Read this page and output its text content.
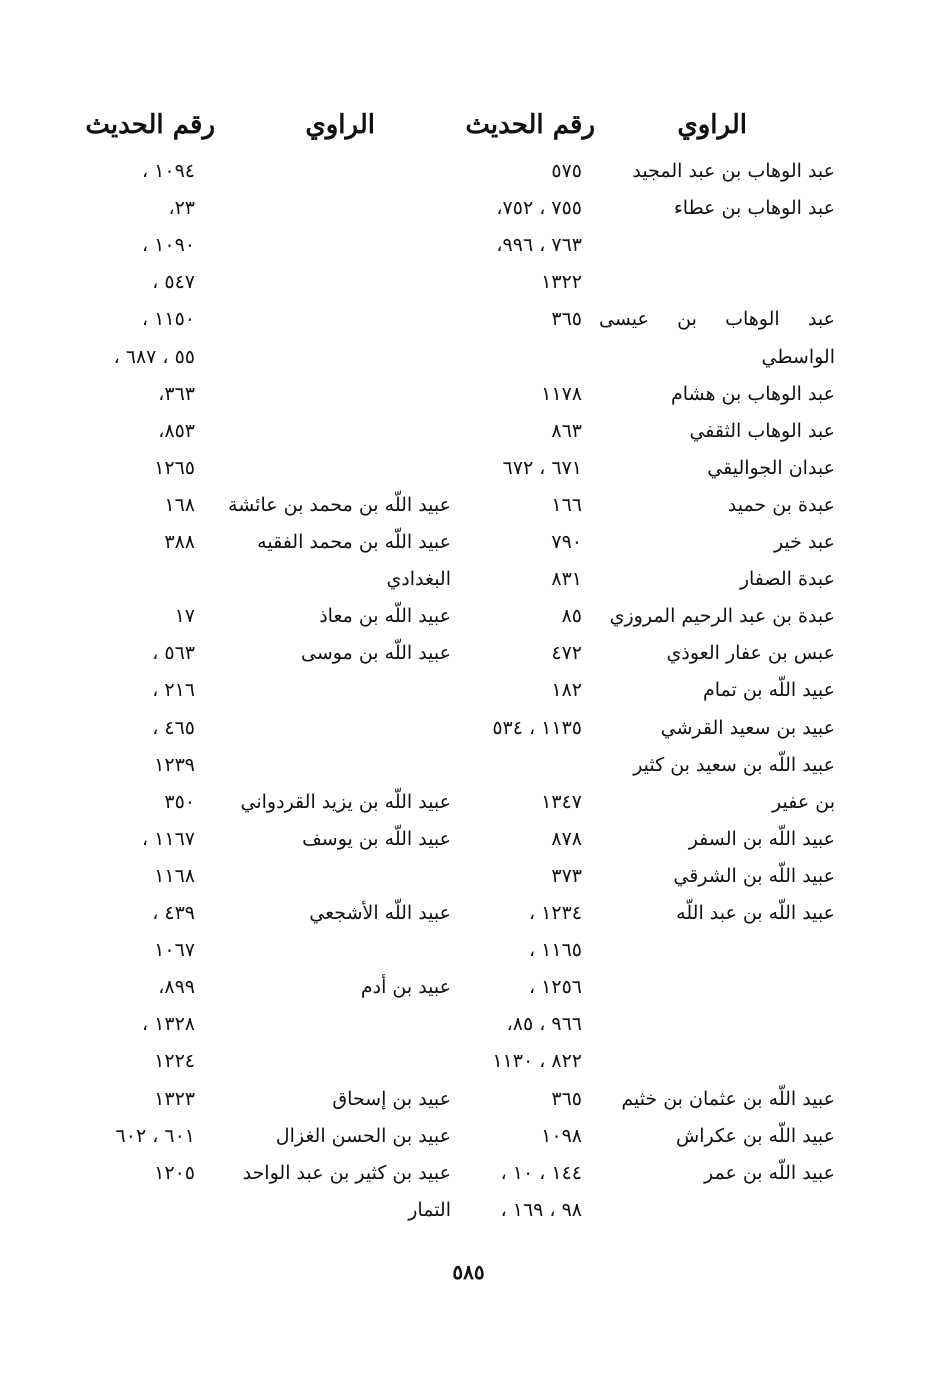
الراوي
رقم الحديث
الراوي
رقم الحديث
عبد الوهاب بن عبد المجيد
٥٧٥
١٠٩٤ ،
عبد الوهاب بن عطاء
٧٥٥ ، ٧٥٢،
٢٣،
٧٦٣ ، ٩٩٦،
١٠٩٠ ،
١٣٢٢
٥٤٧ ،
عبد الوهاب بن عيسى
٣٦٥
١١٥٠ ،
الواسطي
٥٥ ، ٦٨٧ ،
عبد الوهاب بن هشام
١١٧٨
٣٦٣،
عبد الوهاب الثقفي
٨٦٣
٨٥٣،
عبدان الجواليقي
٦٧١ ، ٦٧٢
١٢٦٥
عبدة بن حميد
١٦٦
عبيد اللّه بن محمد بن عائشة
١٦٨
عبد خير
٧٩٠
عبيد اللّه بن محمد الفقيه
٣٨٨
عبدة الصفار
٨٣١
البغدادي
عبدة بن عبد الرحيم المروزي
٨٥
عبيد اللّه بن معاذ
١٧
عبس بن عفار العوذي
٤٧٢
عبيد اللّه بن موسى
٥٦٣ ،
عبيد اللّه بن تمام
١٨٢
٢١٦ ،
عبيد بن سعيد القرشي
١١٣٥ ، ٥٣٤
٤٦٥ ،
عبيد اللّه بن سعيد بن كثير
١٢٣٩
بن عفير
١٣٤٧
عبيد اللّه بن يزيد القردواني
٣٥٠
عبيد اللّه بن السفر
٨٧٨
عبيد اللّه بن يوسف
١١٦٧ ،
عبيد اللّه بن الشرقي
٣٧٣
١١٦٨
عبيد اللّه بن عبد اللّه
١٢٣٤ ،
عبيد اللّه الأشجعي
٤٣٩ ،
١١٦٥ ،
١٠٦٧
١٢٥٦ ،
عبيد بن أدم
٨٩٩،
٩٦٦ ، ٨٥،
١٣٢٨ ،
٨٢٢ ، ١١٣٠
١٢٢٤
عبيد اللّه بن عثمان بن خثيم
٣٦٥
عبيد بن إسحاق
١٣٢٣
عبيد اللّه بن عكراش
١٠٩٨
عبيد بن الحسن الغزال
٦٠١ ، ٦٠٢
عبيد اللّه بن عمر
١٤٤ ، ١٠ ،
عبيد بن كثير بن عبد الواحد
١٢٠٥
٩٨ ، ١٦٩ ،
التمار
٥٨٥
